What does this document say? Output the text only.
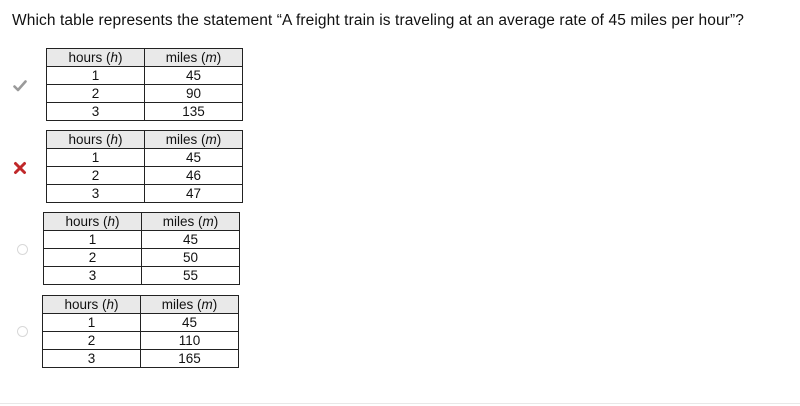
Which table represents the statement “A freight train is traveling at an average rate of 45 miles per hour”?
hours (h)	miles (m)
1	45
2	90
3	135
hours (h)	miles (m)
1	45
2	46
3	47
hours (h)	miles (m)
1	45
2	50
3	55
hours (h)	miles (m)
1	45
2	110
3	165
